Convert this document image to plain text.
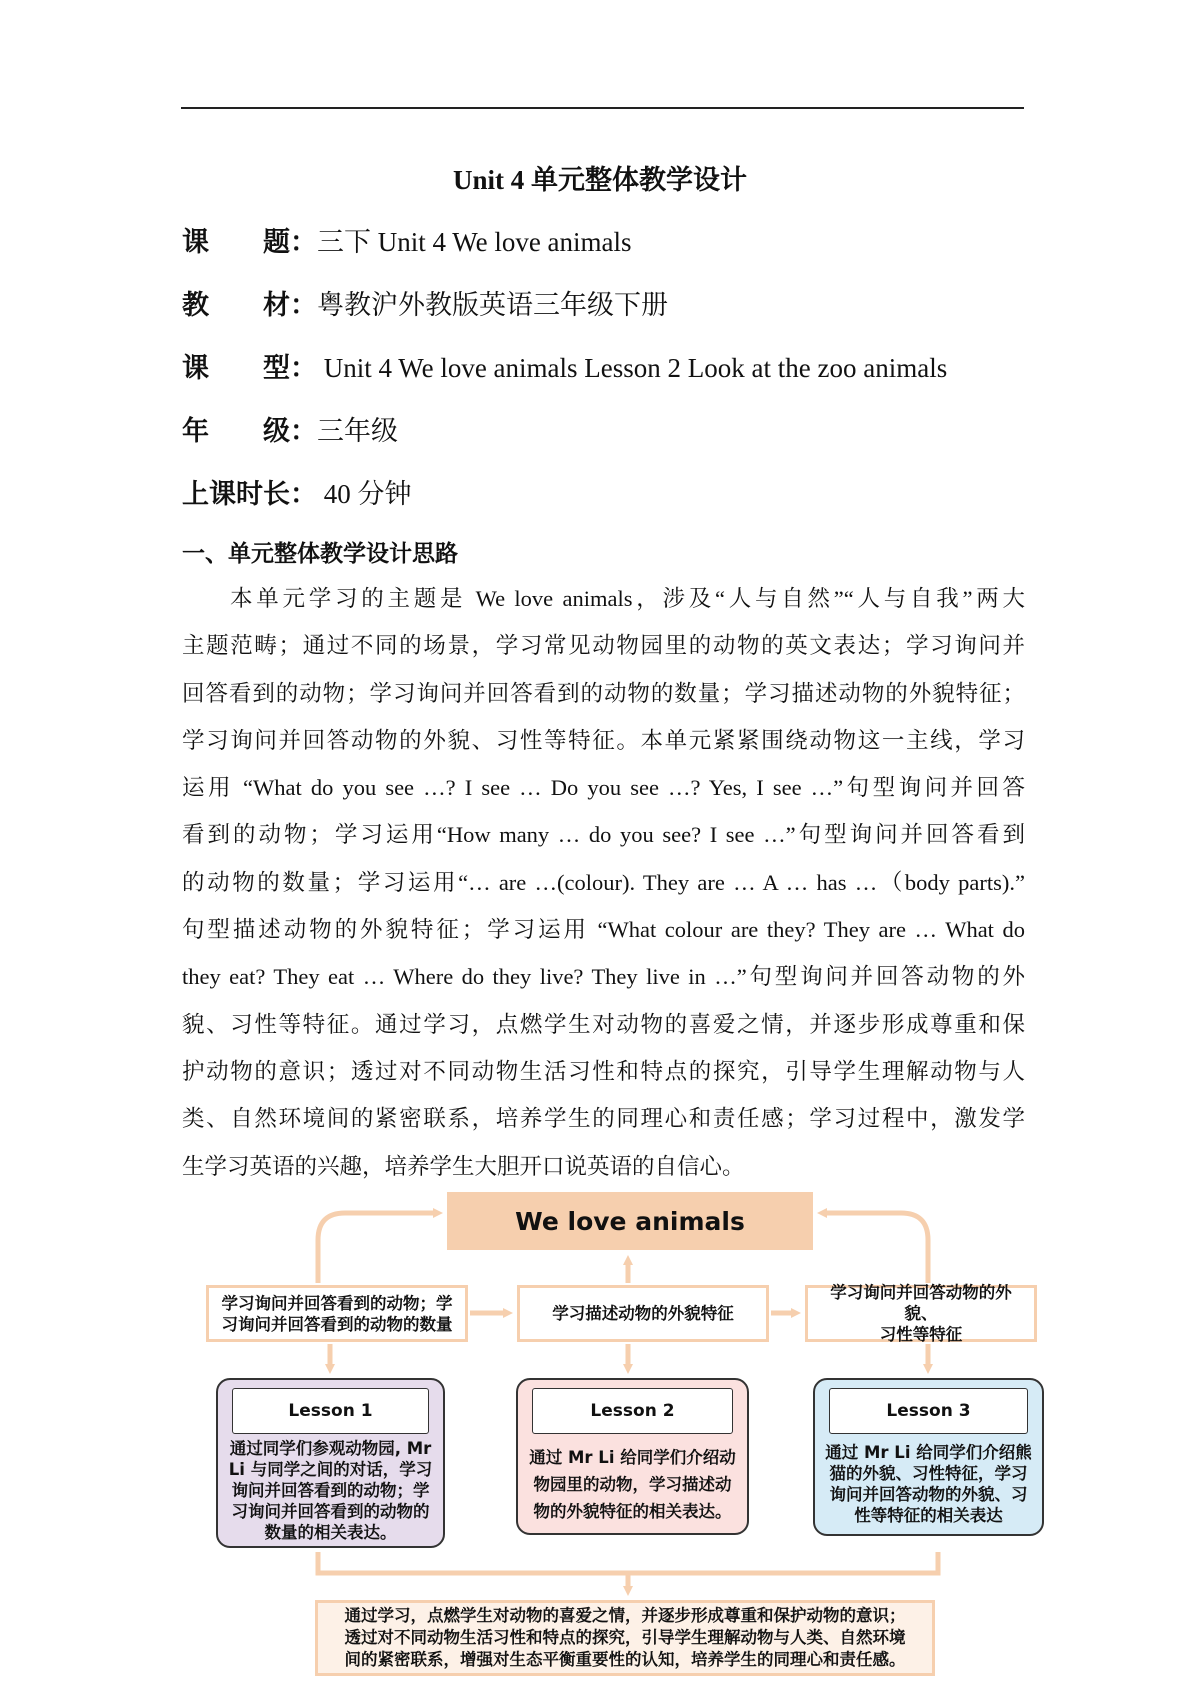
Unit 4 单元整体教学设计
课　　题：三下 Unit 4 We love animals
教　　材：粤教沪外教版英语三年级下册
课　　型： Unit 4 We love animals Lesson 2 Look at the zoo animals
年　　级：三年级
上课时长： 40 分钟
一、单元整体教学设计思路
本单元学习的主题是 We love animals，涉及“人与自然”“人与自我”两大
主题范畴；通过不同的场景，学习常见动物园里的动物的英文表达；学习询问并
回答看到的动物；学习询问并回答看到的动物的数量；学习描述动物的外貌特征；
学习询问并回答动物的外貌、习性等特征。本单元紧紧围绕动物这一主线，学习
运用 “What do you see …? I see … Do you see …? Yes, I see …”句型询问并回答
看到的动物；学习运用“How many … do you see? I see …”句型询问并回答看到
的动物的数量；学习运用“… are …(colour). They are … A … has …（body parts).”
句型描述动物的外貌特征；学习运用 “What colour are they? They are … What do
they eat? They eat … Where do they live? They live in …”句型询问并回答动物的外
貌、习性等特征。通过学习，点燃学生对动物的喜爱之情，并逐步形成尊重和保
护动物的意识；透过对不同动物生活习性和特点的探究，引导学生理解动物与人
类、自然环境间的紧密联系，培养学生的同理心和责任感；学习过程中，激发学
生学习英语的兴趣，培养学生大胆开口说英语的自信心。
We love animals
学习询问并回答看到的动物；学
习询问并回答看到的动物的数量
学习描述动物的外貌特征
学习询问并回答动物的外貌、
习性等特征
Lesson 1
通过同学们参观动物园, Mr
Li 与同学之间的对话，学习
询问并回答看到的动物；学
习询问并回答看到的动物的
数量的相关表达。
Lesson 2
通过 Mr Li 给同学们介绍动
物园里的动物，学习描述动
物的外貌特征的相关表达。
Lesson 3
通过 Mr Li 给同学们介绍熊
猫的外貌、习性特征，学习
询问并回答动物的外貌、习
性等特征的相关表达
通过学习，点燃学生对动物的喜爱之情，并逐步形成尊重和保护动物的意识；
透过对不同动物生活习性和特点的探究，引导学生理解动物与人类、自然环境
间的紧密联系，增强对生态平衡重要性的认知，培养学生的同理心和责任感。
